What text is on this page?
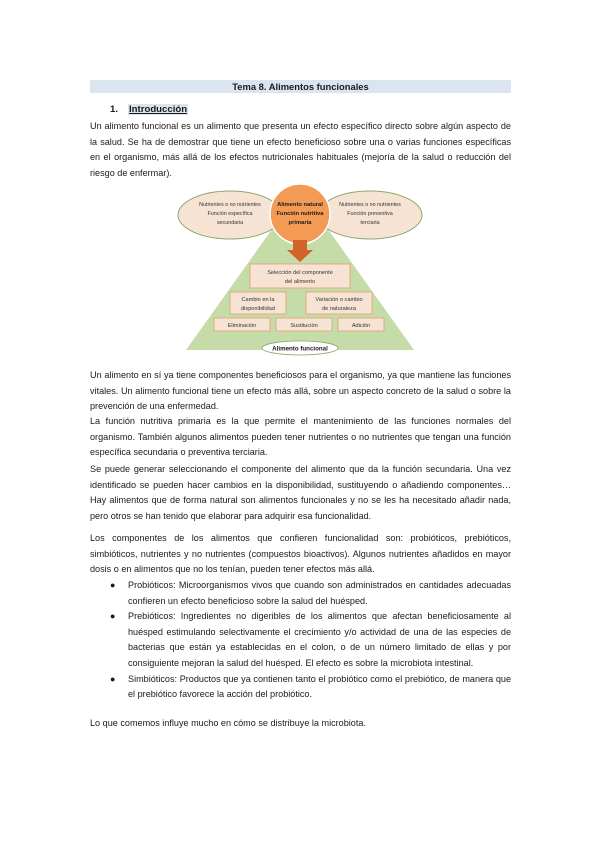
Tema 8. Alimentos funcionales
1. Introducción

Un alimento funcional es un alimento que presenta un efecto específico directo sobre algún aspecto de la salud. Se ha de demostrar que tiene un efecto beneficioso sobre una o varias funciones específicas en el organismo, más allá de los efectos nutricionales habituales (mejoría de la salud o reducción del riesgo de enfermar).

Nutrientes o no nutrientes
Función específica
secundaria
Nutrientes o no nutrientes
Función preventiva
terciaria
Alimento natural
Función nutritiva
primaria
Selección del componente
del alimento
Cambio en la
disponibilidad
Variación o cambio
de naturaleza
Eliminación	Sustitución	Adición
Alimento funcional

Un alimento en sí ya tiene componentes beneficiosos para el organismo, ya que mantiene las funciones vitales. Un alimento funcional tiene un efecto más allá, sobre un aspecto concreto de la salud o sobre la prevención de una enfermedad.

La función nutritiva primaria es la que permite el mantenimiento de las funciones normales del organismo. También algunos alimentos pueden tener nutrientes o no nutrientes que tengan una función específica secundaria o preventiva terciaria.

Se puede generar seleccionando el componente del alimento que da la función secundaria. Una vez identificado se pueden hacer cambios en la disponibilidad, sustituyendo o añadiendo componentes… Hay alimentos que de forma natural son alimentos funcionales y no se les ha necesitado añadir nada, pero otros se han tenido que elaborar para adquirir esa funcionalidad.

Los componentes de los alimentos que confieren funcionalidad son: probióticos, prebióticos, simbióticos, nutrientes y no nutrientes (compuestos bioactivos). Algunos nutrientes añadidos en mayor dosis o en alimentos que no los tenían, pueden tener efectos más allá.

● Probióticos: Microorganismos vivos que cuando son administrados en cantidades adecuadas confieren un efecto beneficioso sobre la salud del huésped.
● Prebióticos: Ingredientes no digeribles de los alimentos que afectan beneficiosamente al huésped estimulando selectivamente el crecimiento y/o actividad de una de las especies de bacterias que están ya establecidas en el colon, o de un número limitado de ellas y por consiguiente mejoran la salud del huésped. El efecto es sobre la microbiota intestinal.
● Simbióticos: Productos que ya contienen tanto el probiótico como el prebiótico, de manera que el prebiótico favorece la acción del probiótico.

Lo que comemos influye mucho en cómo se distribuye la microbiota.
